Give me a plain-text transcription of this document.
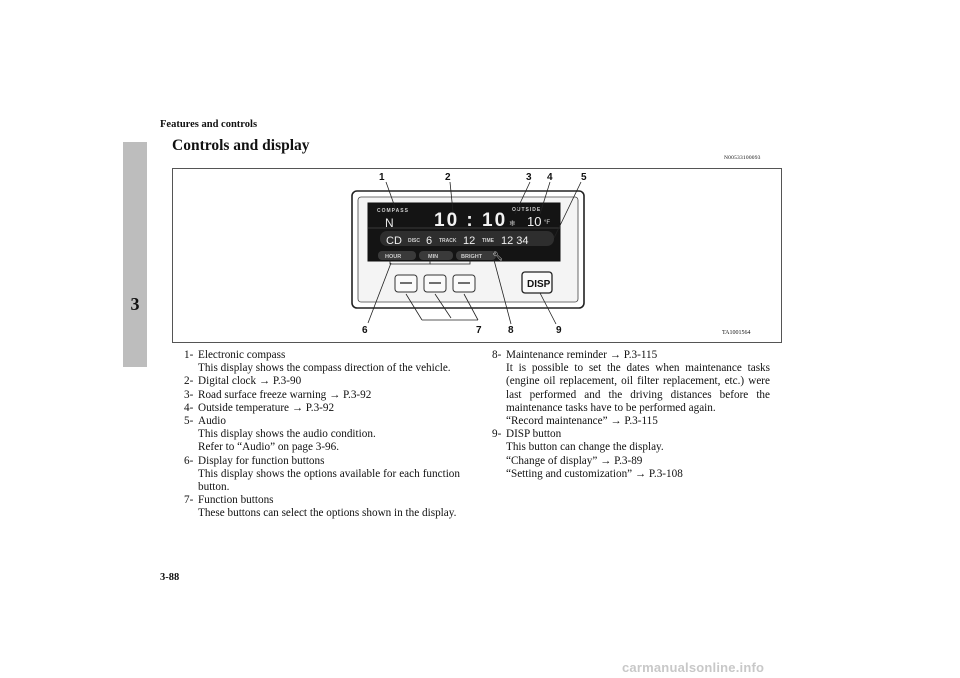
Features and controls
3
Controls and display
N00533100093
COMPASS
N 10 : 10 OUTSIDE
❄ 10 °F
CD DISC 6 TRACK 12 TIME 12 34
HOUR	MIN	BRIGHT 🔧︎
DISP
1	2	3 4	5
6	7	8	9	TA1001564
1- Electronic compass
This display shows the compass direction of the vehicle.
2- Digital clock → P.3-90
3- Road surface freeze warning → P.3-92
4- Outside temperature → P.3-92
5- Audio
This display shows the audio condition.
Refer to “Audio” on page 3-96.
6- Display for function buttons
This display shows the options available for each function button.
7- Function buttons
These buttons can select the options shown in the display.
8- Maintenance reminder → P.3-115
It is possible to set the dates when maintenance tasks (engine oil replacement, oil filter replacement, etc.) were last performed and the driving distances before the maintenance tasks have to be performed again.
“Record maintenance” → P.3-115
9- DISP button
This button can change the display.
“Change of display” → P.3-89
“Setting and customization” → P.3-108
3-88
carmanualsonline.info
